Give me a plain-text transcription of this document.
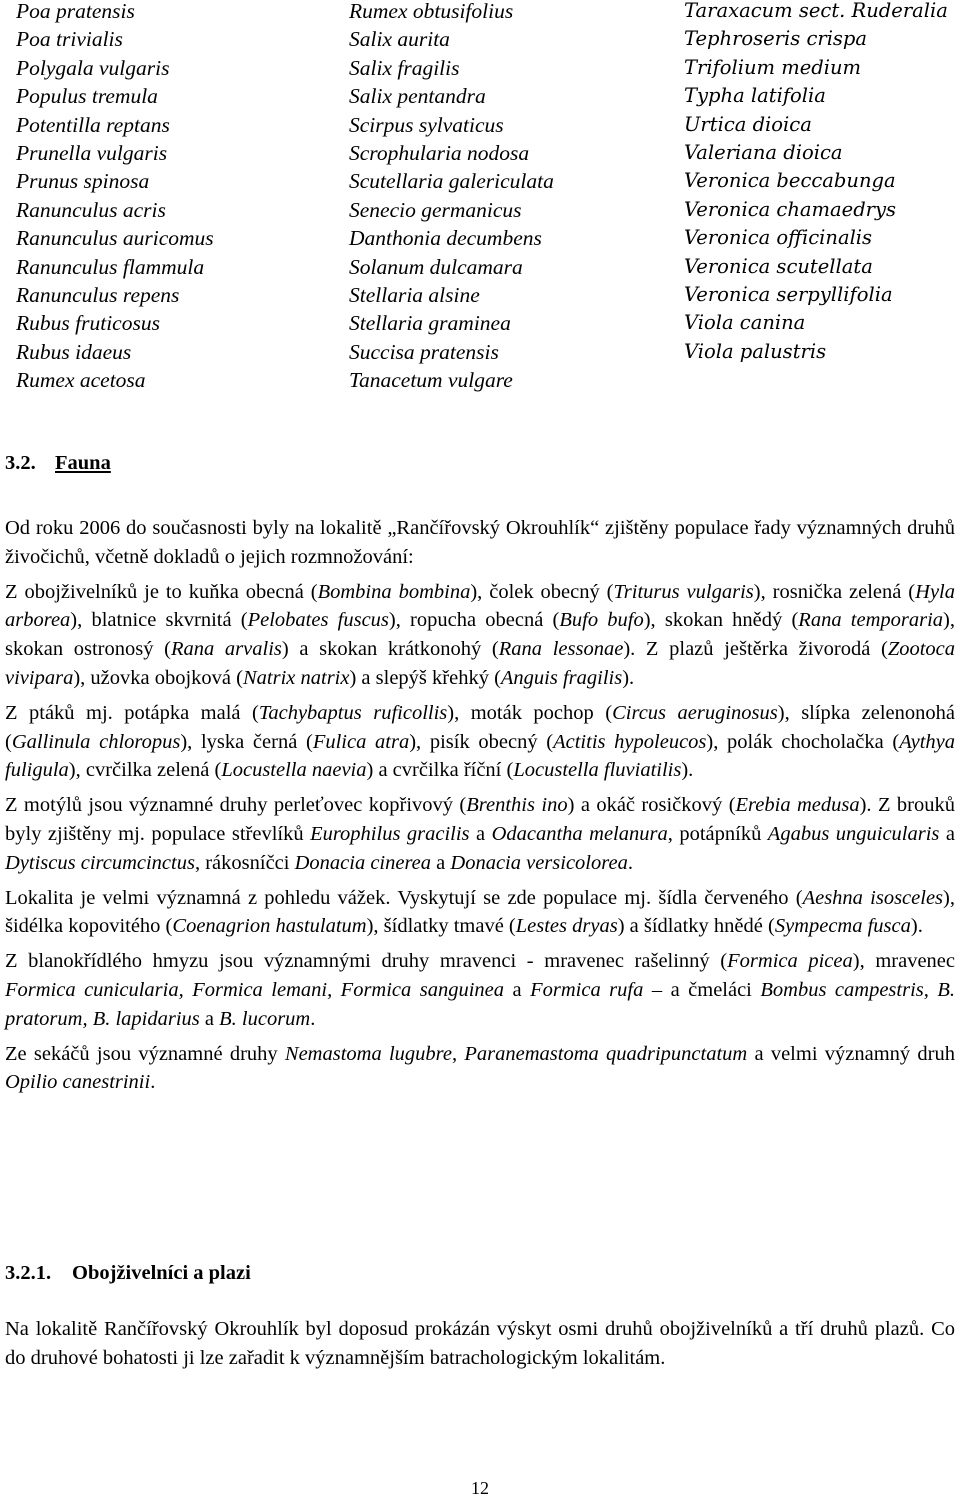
Poa pratensis
Poa trivialis
Polygala vulgaris
Populus tremula
Potentilla reptans
Prunella vulgaris
Prunus spinosa
Ranunculus acris
Ranunculus auricomus
Ranunculus flammula
Ranunculus repens
Rubus fruticosus
Rubus idaeus
Rumex acetosa
Rumex obtusifolius
Salix aurita
Salix fragilis
Salix pentandra
Scirpus sylvaticus
Scrophularia nodosa
Scutellaria galericulata
Senecio germanicus
Danthonia decumbens
Solanum dulcamara
Stellaria alsine
Stellaria graminea
Succisa pratensis
Tanacetum vulgare
Taraxacum sect. Ruderalia
Tephroseris crispa
Trifolium medium
Typha latifolia
Urtica dioica
Valeriana dioica
Veronica beccabunga
Veronica chamaedrys
Veronica officinalis
Veronica scutellata
Veronica serpyllifolia
Viola canina
Viola palustris
3.2. Fauna

Od roku 2006 do současnosti byly na lokalitě „Rančířovský Okrouhlík“ zjištěny populace řady významných druhů živočichů, včetně dokladů o jejich rozmnožování:

Z obojživelníků je to kuňka obecná (Bombina bombina), čolek obecný (Triturus vulgaris), rosnička zelená (Hyla arborea), blatnice skvrnitá (Pelobates fuscus), ropucha obecná (Bufo bufo), skokan hnědý (Rana temporaria), skokan ostronosý (Rana arvalis) a skokan krátkonohý (Rana lessonae). Z plazů ještěrka živorodá (Zootoca vivipara), užovka obojková (Natrix natrix) a slepýš křehký (Anguis fragilis).

Z ptáků mj. potápka malá (Tachybaptus ruficollis), moták pochop (Circus aeruginosus), slípka zelenonohá (Gallinula chloropus), lyska černá (Fulica atra), pisík obecný (Actitis hypoleucos), polák chocholačka (Aythya fuligula), cvrčilka zelená (Locustella naevia) a cvrčilka říční (Locustella fluviatilis).

Z motýlů jsou významné druhy perleťovec kopřivový (Brenthis ino) a okáč rosičkový (Erebia medusa). Z brouků byly zjištěny mj. populace střevlíků Europhilus gracilis a Odacantha melanura, potápníků Agabus unguicularis a Dytiscus circumcinctus, rákosníčci Donacia cinerea a Donacia versicolorea.

Lokalita je velmi významná z pohledu vážek. Vyskytují se zde populace mj. šídla červeného (Aeshna isosceles), šidélka kopovitého (Coenagrion hastulatum), šídlatky tmavé (Lestes dryas) a šídlatky hnědé (Sympecma fusca).

Z blanokřídlého hmyzu jsou významnými druhy mravenci - mravenec rašelinný (Formica picea), mravenec Formica cunicularia, Formica lemani, Formica sanguinea a Formica rufa – a čmeláci Bombus campestris, B. pratorum, B. lapidarius a B. lucorum.

Ze sekáčů jsou významné druhy Nemastoma lugubre, Paranemastoma quadripunctatum a velmi významný druh Opilio canestrinii.

3.2.1. Obojživelníci a plazi

Na lokalitě Rančířovský Okrouhlík byl doposud prokázán výskyt osmi druhů obojživelníků a tří druhů plazů. Co do druhové bohatosti ji lze zařadit k významnějším batrachologickým lokalitám.

12
